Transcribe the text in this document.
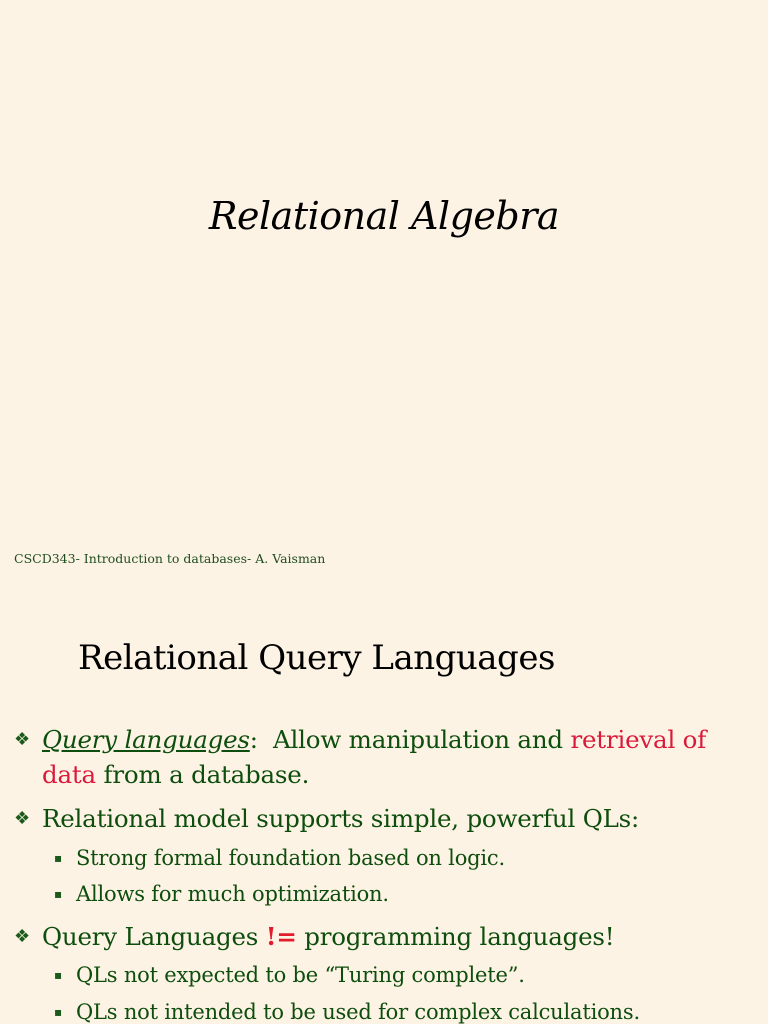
Relational Algebra

CSCD343- Introduction to databases- A. Vaisman

Relational Query Languages
❖ Query languages:  Allow manipulation and retrieval of data from a database.
❖ Relational model supports simple, powerful QLs:
▪ Strong formal foundation based on logic.
▪ Allows for much optimization.
❖ Query Languages != programming languages!
▪ QLs not expected to be “Turing complete”.
▪ QLs not intended to be used for complex calculations.
